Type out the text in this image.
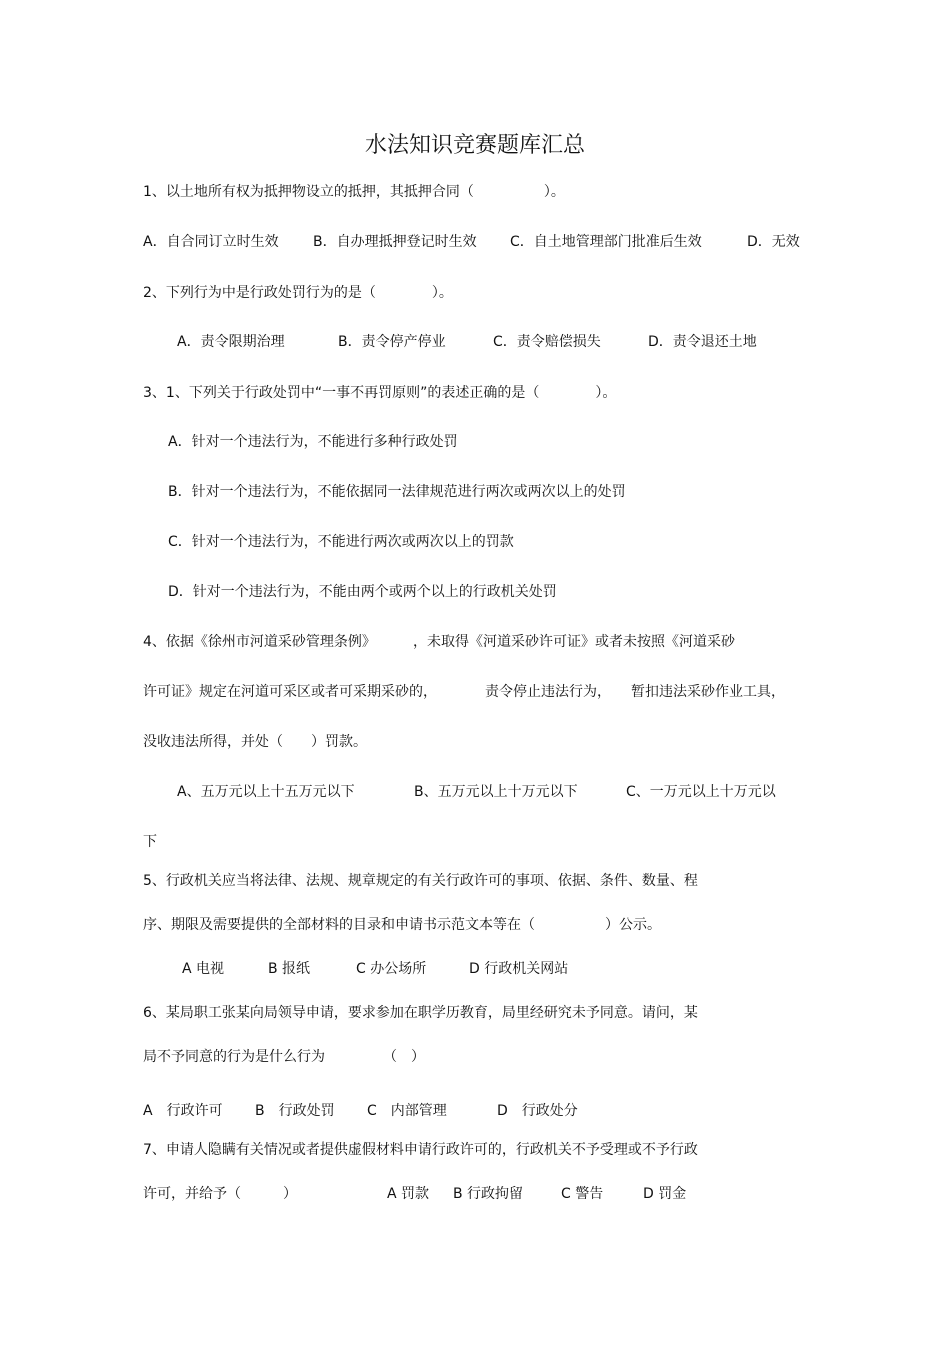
水法知识竞赛题库汇总
1、以土地所有权为抵押物设立的抵押，其抵押合同（　　　　　）。
A．自合同订立时生效 B．自办理抵押登记时生效 C．自土地管理部门批准后生效	D．无效
2、下列行为中是行政处罚行为的是（　　　　）。
A．责令限期治理	B．责令停产停业	C．责令赔偿损失	D．责令退还土地
3、1、下列关于行政处罚中“一事不再罚原则”的表述正确的是（　　　　）。
A．针对一个违法行为，不能进行多种行政处罚
B．针对一个违法行为，不能依据同一法律规范进行两次或两次以上的处罚
C．针对一个违法行为，不能进行两次或两次以上的罚款
D．针对一个违法行为，不能由两个或两个以上的行政机关处罚
4、依据《徐州市河道采砂管理条例》	，未取得《河道采砂许可证》或者未按照《河道采砂
许可证》规定在河道可采区或者可采期采砂的，	责令停止违法行为， 暂扣违法采砂作业工具，
没收违法所得，并处（　　）罚款。
A、五万元以上十五万元以下	B、五万元以上十万元以下	C、一万元以上十万元以
下
5、行政机关应当将法律、法规、规章规定的有关行政许可的事项、依据、条件、数量、程
序、期限及需要提供的全部材料的目录和申请书示范文本等在（　　　　　）公示。
A 电视	B 报纸	C 办公场所	D 行政机关网站
6、某局职工张某向局领导申请，要求参加在职学历教育，局里经研究未予同意。请问，某
局不予同意的行为是什么行为	（　）
A　行政许可 B　行政处罚 C　内部管理	D　行政处分
7、申请人隐瞒有关情况或者提供虚假材料申请行政许可的，行政机关不予受理或不予行政
许可，并给予（　　　）	A 罚款 B 行政拘留	C 警告	D 罚金
